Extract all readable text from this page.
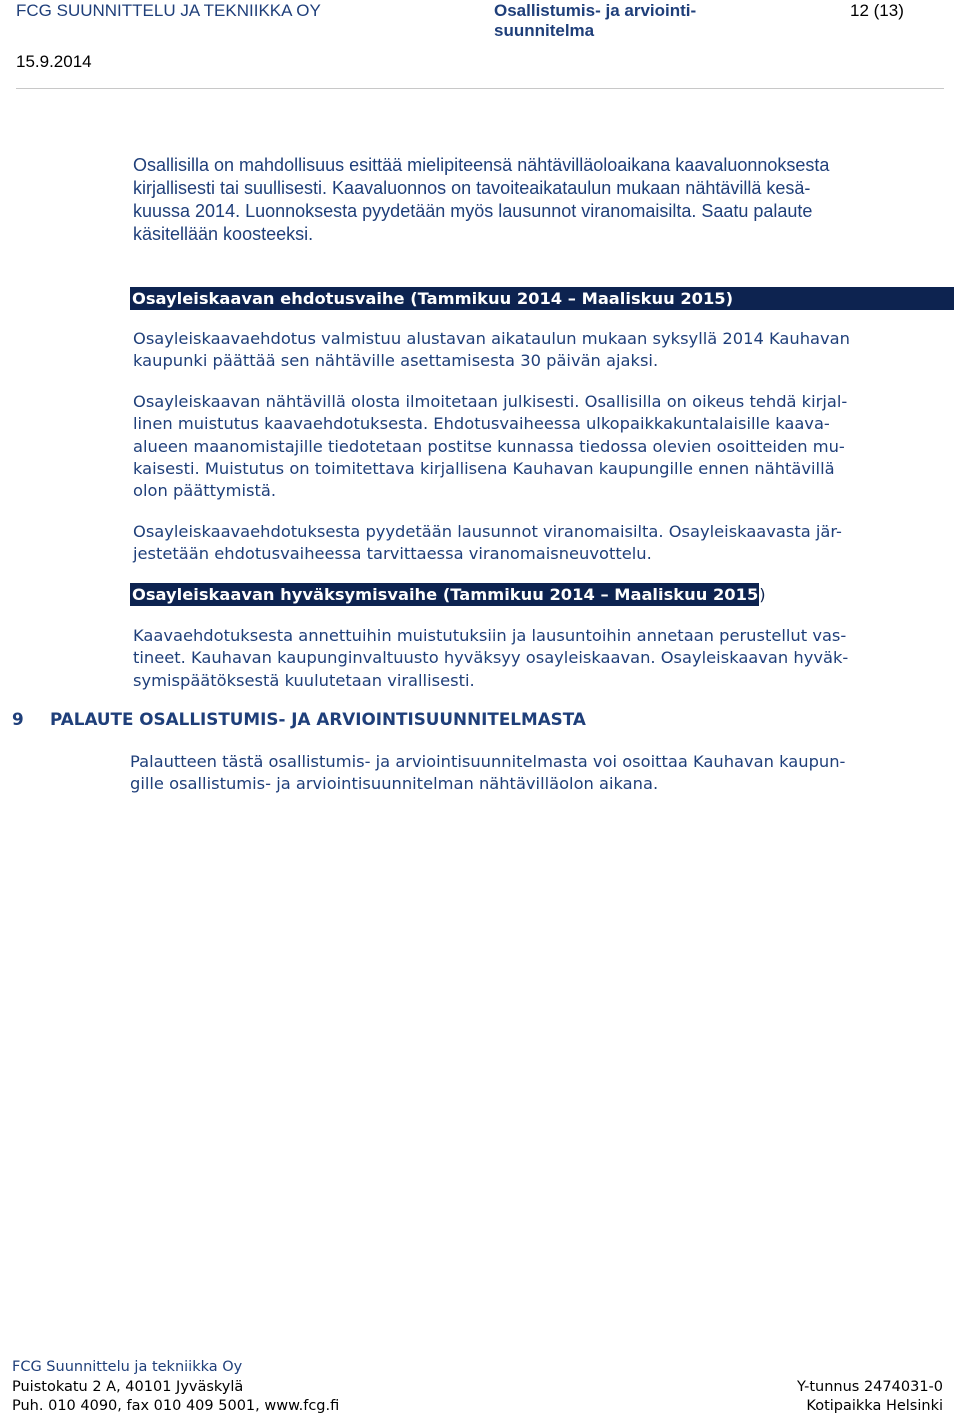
FCG SUUNNITTELU JA TEKNIIKKA OY	Osallistumis- ja arviointi-
suunnitelma
12 (13)
15.9.2014
Osallisilla on mahdollisuus esittää mielipiteensä nähtävilläoloaikana kaavaluonnoksesta
kirjallisesti tai suullisesti. Kaavaluonnos on tavoiteaikataulun mukaan nähtävillä kesä-
kuussa 2014. Luonnoksesta pyydetään myös lausunnot viranomaisilta. Saatu palaute
käsitellään koosteeksi.
Osayleiskaavan ehdotusvaihe (Tammikuu 2014 – Maaliskuu 2015)
Osayleiskaavaehdotus valmistuu alustavan aikataulun mukaan syksyllä 2014 Kauhavan
kaupunki päättää sen nähtäville asettamisesta 30 päivän ajaksi.
Osayleiskaavan nähtävillä olosta ilmoitetaan julkisesti. Osallisilla on oikeus tehdä kirjal-
linen muistutus kaavaehdotuksesta. Ehdotusvaiheessa ulkopaikkakuntalaisille kaava-
alueen maanomistajille tiedotetaan postitse kunnassa tiedossa olevien osoitteiden mu-
kaisesti. Muistutus on toimitettava kirjallisena Kauhavan kaupungille ennen nähtävillä
olon päättymistä.
Osayleiskaavaehdotuksesta pyydetään lausunnot viranomaisilta. Osayleiskaavasta jär-
jestetään ehdotusvaiheessa tarvittaessa viranomaisneuvottelu.
Osayleiskaavan hyväksymisvaihe (Tammikuu 2014 – Maaliskuu 2015)
Kaavaehdotuksesta annettuihin muistutuksiin ja lausuntoihin annetaan perustellut vas-
tineet. Kauhavan kaupunginvaltuusto hyväksyy osayleiskaavan. Osayleiskaavan hyväk-
symispäätöksestä kuulutetaan virallisesti.
9 PALAUTE OSALLISTUMIS- JA ARVIOINTISUUNNITELMASTA
Palautteen tästä osallistumis- ja arviointisuunnitelmasta voi osoittaa Kauhavan kaupun-
gille osallistumis- ja arviointisuunnitelman nähtävilläolon aikana.
FCG Suunnittelu ja tekniikka Oy
Puistokatu 2 A, 40101 Jyväskylä
Puh. 010 4090, fax 010 409 5001, www.fcg.fi
Y-tunnus 2474031-0
Kotipaikka Helsinki
